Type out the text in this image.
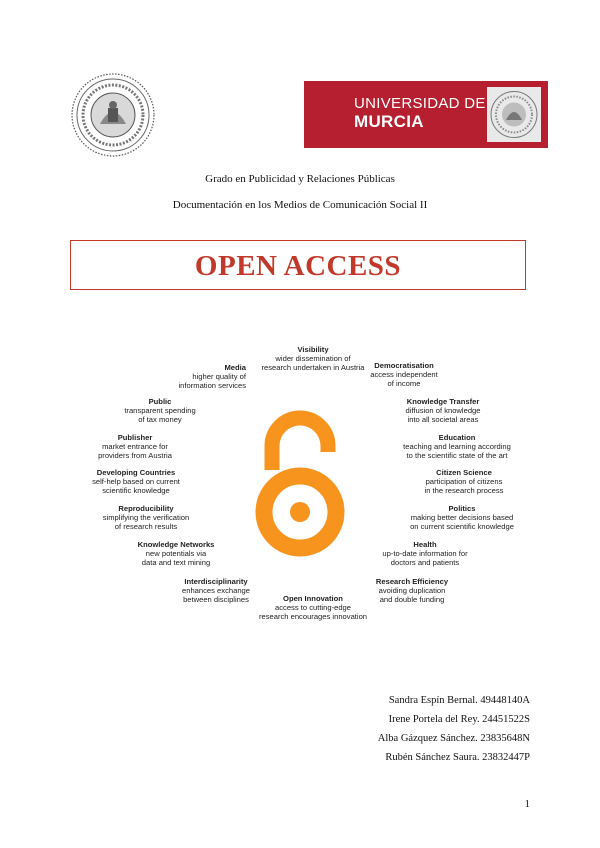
UNIVERSIDAD DE
MURCIA
Grado en Publicidad y Relaciones Públicas
Documentación en los Medios de Comunicación Social II
OPEN ACCESS
Visibility
wider dissemination of
research undertaken in Austria
Media
higher quality of
information services
Democratisation
access independent
of income
Public
transparent spending
of tax money
Knowledge Transfer
diffusion of knowledge
into all societal areas
Publisher
market entrance for
providers from Austria
Education
teaching and learning according
to the scientific state of the art
Developing Countries
self-help based on current
scientific knowledge
Citizen Science
participation of citizens
in the research process
Reproducibility
simplifying the verification
of research results
Politics
making better decisions based
on current scientific knowledge
Knowledge Networks
new potentials via
data and text mining
Health
up-to-date information for
doctors and patients
Interdisciplinarity
enhances exchange
between disciplines
Research Efficiency
avoiding duplication
and double funding
Open Innovation
access to cutting-edge
research encourages innovation
Sandra Espín Bernal. 49448140A
Irene Portela del Rey. 24451522S
Alba Gázquez Sánchez. 23835648N
Rubén Sánchez Saura. 23832447P
1
